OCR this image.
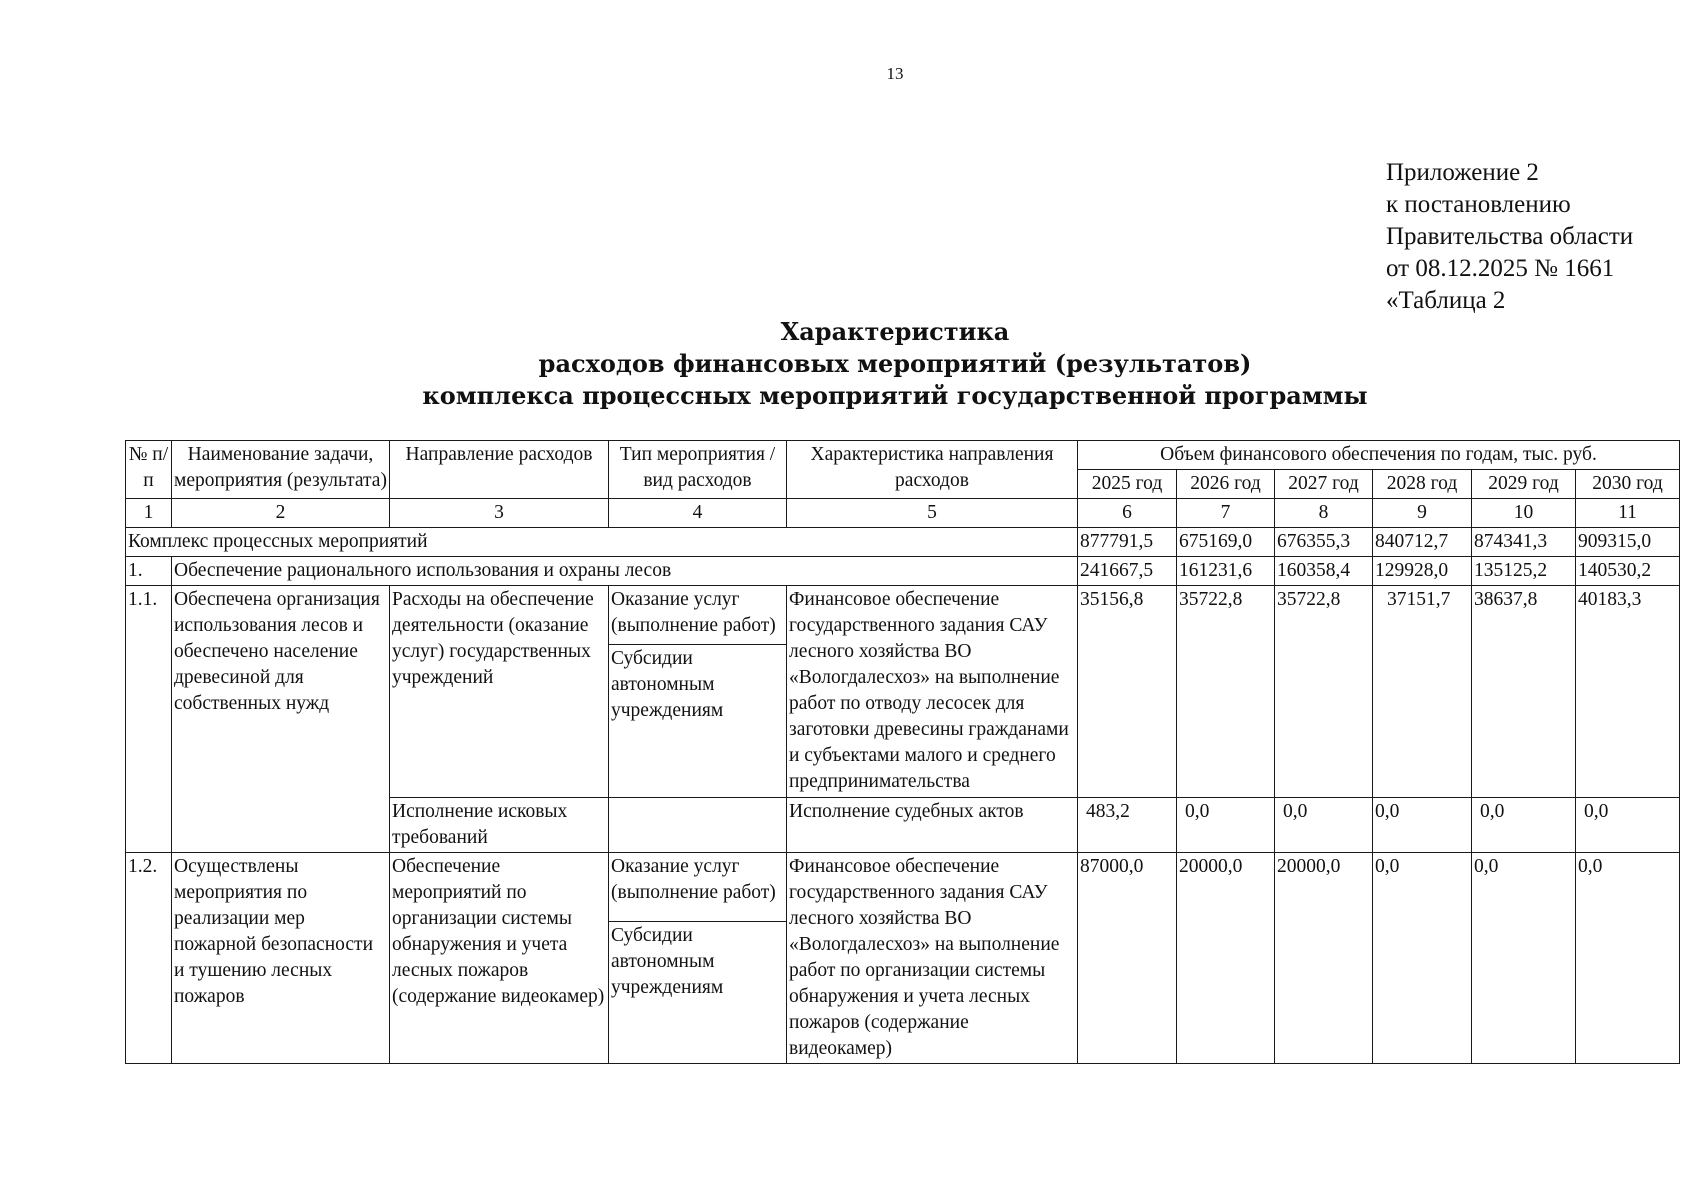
13
Приложение 2
к постановлению
Правительства области
от 08.12.2025 № 1661
«Таблица 2
Характеристика
расходов финансовых мероприятий (результатов)
комплекса процессных мероприятий государственной программы
№ п/п	Наименование задачи, мероприятия (результата)	Направление расходов	Тип мероприятия / вид расходов	Характеристика направления расходов	Объем финансового обеспечения по годам, тыс. руб.					
					2025 год	2026 год	2027 год	2028 год	2029 год	2030 год
1	2	3	4	5	6	7	8	9	10	11
Комплекс процессных мероприятий					877791,5	675169,0	676355,3	840712,7	874341,3	909315,0
1.	Обеспечение рационального использования и охраны лесов				241667,5	161231,6	160358,4	129928,0	135125,2	140530,2
1.1.	Обеспечена организация использования лесов и обеспечено население древесиной для собственных нужд	Расходы на обеспечение деятельности (оказание услуг) государственных учреждений	Оказание услуг (выполнение работ)	Финансовое обеспечение государственного задания САУ лесного хозяйства ВО «Вологдалесхоз» на выполнение работ по отводу лесосек для заготовки древесины гражданами и субъектами малого и среднего предпринимательства	35156,8	35722,8	35722,8	37151,7	38637,8	40183,3
			Субсидии автономным учреждениям							
		Исполнение исковых требований		Исполнение судебных актов	483,2	0,0	0,0	0,0	0,0	0,0
1.2.	Осуществлены мероприятия по реализации мер пожарной безопасности и тушению лесных пожаров	Обеспечение мероприятий по организации системы обнаружения и учета лесных пожаров (содержание видеокамер)	Оказание услуг (выполнение работ)	Финансовое обеспечение государственного задания САУ лесного хозяйства ВО «Вологдалесхоз» на выполнение работ по организации системы обнаружения и учета лесных пожаров (содержание видеокамер)	87000,0	20000,0	20000,0	0,0	0,0	0,0
			Субсидии автономным учреждениям							
